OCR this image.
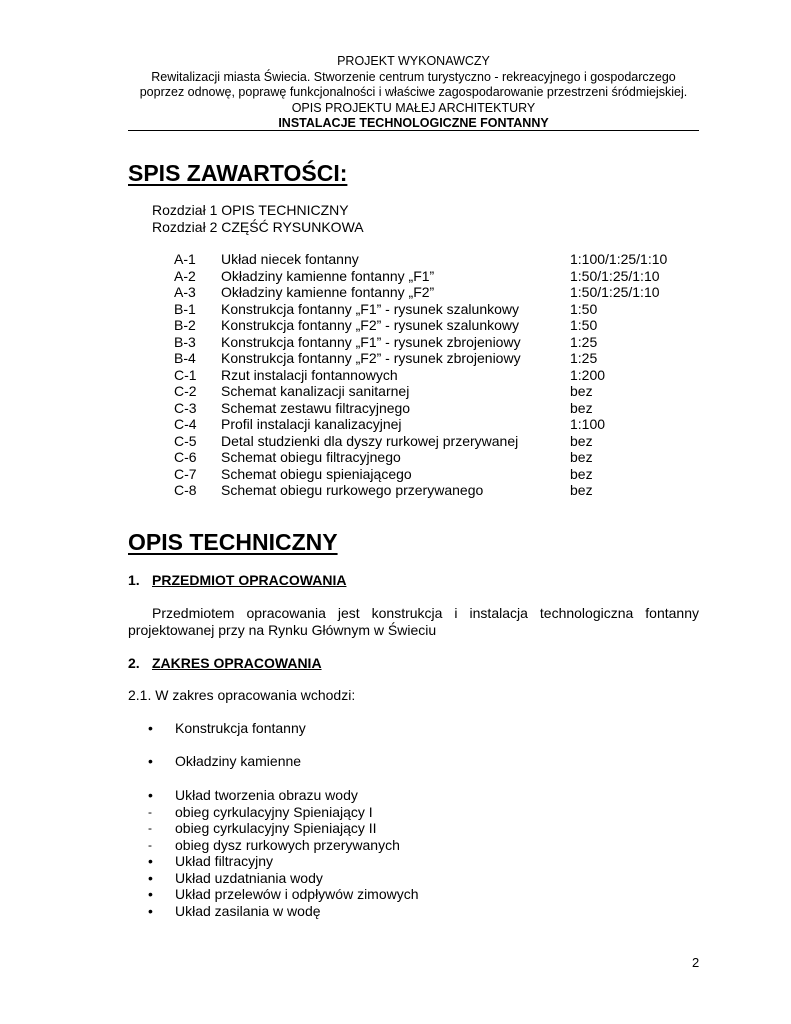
PROJEKT WYKONAWCZY
Rewitalizacji miasta Świecia. Stworzenie centrum turystyczno - rekreacyjnego i gospodarczego
poprzez odnowę, poprawę funkcjonalności i właściwe zagospodarowanie przestrzeni śródmiejskiej.
OPIS PROJEKTU MAŁEJ ARCHITEKTURY
INSTALACJE TECHNOLOGICZNE FONTANNY
SPIS ZAWARTOŚCI:
Rozdział 1 OPIS TECHNICZNY
Rozdział 2 CZĘŚĆ RYSUNKOWA
A-1 Układ niecek fontanny	1:100/1:25/1:10
A-2 Okładziny kamienne fontanny „F1”	1:50/1:25/1:10
A-3 Okładziny kamienne fontanny „F2”	1:50/1:25/1:10
B-1 Konstrukcja fontanny „F1” - rysunek szalunkowy	1:50
B-2 Konstrukcja fontanny „F2” - rysunek szalunkowy	1:50
B-3 Konstrukcja fontanny „F1” - rysunek zbrojeniowy	1:25
B-4 Konstrukcja fontanny „F2” - rysunek zbrojeniowy	1:25
C-1 Rzut instalacji fontannowych	1:200
C-2 Schemat kanalizacji sanitarnej	bez
C-3 Schemat zestawu filtracyjnego	bez
C-4 Profil instalacji kanalizacyjnej	1:100
C-5 Detal studzienki dla dyszy rurkowej przerywanej	bez
C-6 Schemat obiegu filtracyjnego	bez
C-7 Schemat obiegu spieniającego	bez
C-8 Schemat obiegu rurkowego przerywanego	bez
OPIS TECHNICZNY
1. PRZEDMIOT OPRACOWANIA
Przedmiotem opracowania jest konstrukcja i instalacja technologiczna fontanny
projektowanej przy na Rynku Głównym w Świeciu
2. ZAKRES OPRACOWANIA
2.1. W zakres opracowania wchodzi:
•	Konstrukcja fontanny
•	Okładziny kamienne
•	Układ tworzenia obrazu wody
-	obieg cyrkulacyjny Spieniający I
-	obieg cyrkulacyjny Spieniający II
-	obieg dysz rurkowych przerywanych
•	Układ filtracyjny
•	Układ uzdatniania wody
•	Układ przelewów i odpływów zimowych
•	Układ zasilania w wodę
2
